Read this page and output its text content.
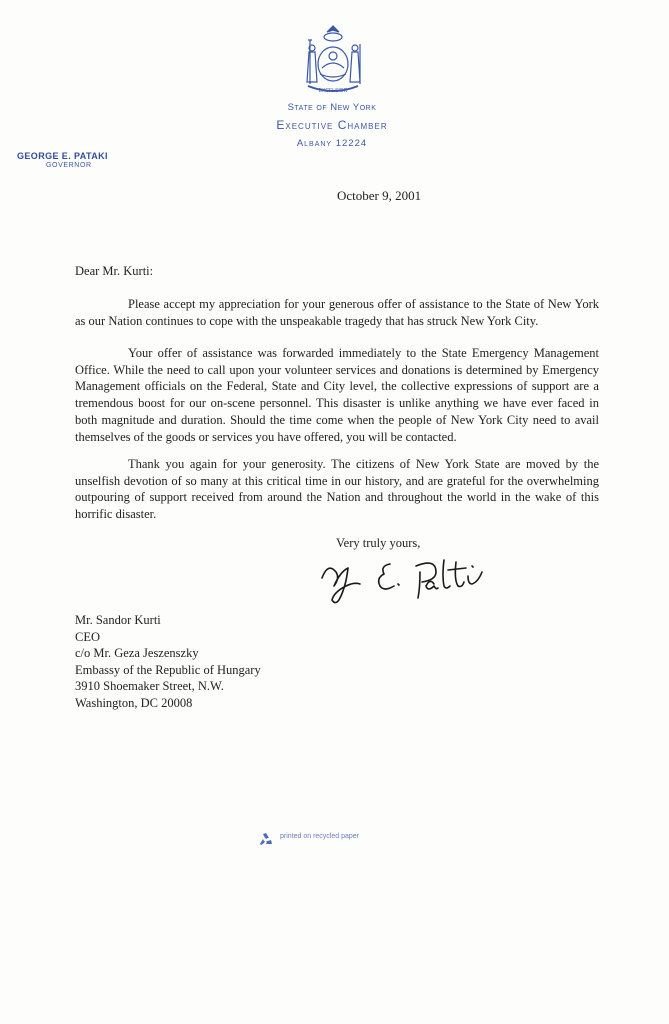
EXCELSIOR
State of New York
Executive Chamber
Albany 12224
GEORGE E. PATAKI
GOVERNOR
October 9, 2001
Dear Mr. Kurti:

Please accept my appreciation for your generous offer of assistance to the State of New York as our Nation continues to cope with the unspeakable tragedy that has struck New York City.

Your offer of assistance was forwarded immediately to the State Emergency Management Office. While the need to call upon your volunteer services and donations is determined by Emergency Management officials on the Federal, State and City level, the collective expressions of support are a tremendous boost for our on-scene personnel. This disaster is unlike anything we have ever faced in both magnitude and duration. Should the time come when the people of New York City need to avail themselves of the goods or services you have offered, you will be contacted.

Thank you again for your generosity. The citizens of New York State are moved by the unselfish devotion of so many at this critical time in our history, and are grateful for the overwhelming outpouring of support received from around the Nation and throughout the world in the wake of this horrific disaster.

Very truly yours,
Mr. Sandor Kurti
CEO
c/o Mr. Geza Jeszenszky
Embassy of the Republic of Hungary
3910 Shoemaker Street, N.W.
Washington, DC 20008
printed on recycled paper
